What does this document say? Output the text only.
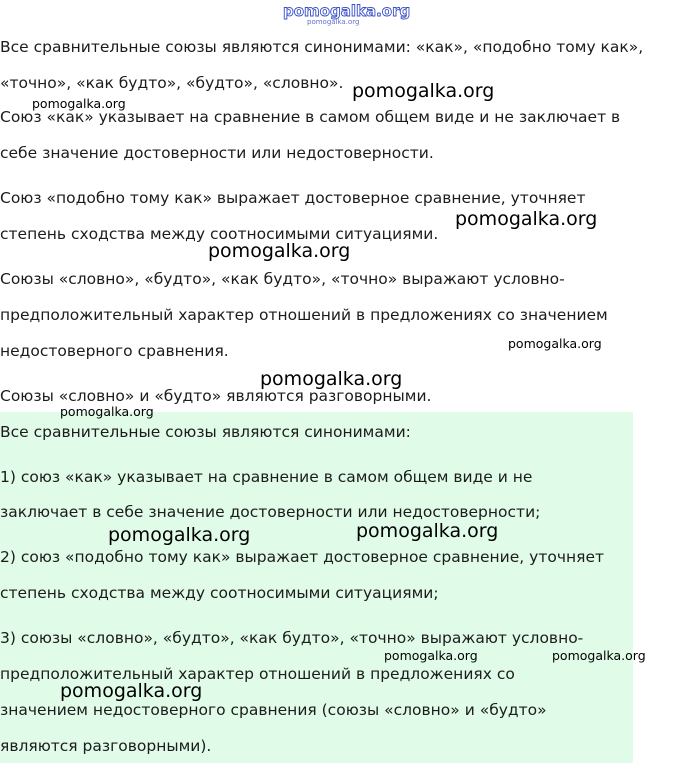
pomogalka.org
pomogalka.org

Все сравнительные союзы являются синонимами: «как», «подобно тому как»,

«точно», «как будто», «будто», «словно».

Союз «как» указывает на сравнение в самом общем виде и не заключает в

себе значение достоверности или недостоверности.

Союз «подобно тому как» выражает достоверное сравнение, уточняет

степень сходства между соотносимыми ситуациями.

Союзы «словно», «будто», «как будто», «точно» выражают условно-

предположительный характер отношений в предложениях со значением

недостоверного сравнения.

Союзы «словно» и «будто» являются разговорными.

Все сравнительные союзы являются синонимами:

1) союз «как» указывает на сравнение в самом общем виде и не

заключает в себе значение достоверности или недостоверности;

2) союз «подобно тому как» выражает достоверное сравнение, уточняет

степень сходства между соотносимыми ситуациями;

3) союзы «словно», «будто», «как будто», «точно» выражают условно-

предположительный характер отношений в предложениях со

значением недостоверного сравнения (союзы «словно» и «будто»

являются разговорными).

pomogalka.org
pomogalka.org
pomogalka.org
pomogalka.org
pomogalka.org
pomogalka.org
pomogalka.org
pomogalka.org	pomogalka.org
pomogalka.org	pomogalka.org
pomogalka.org
